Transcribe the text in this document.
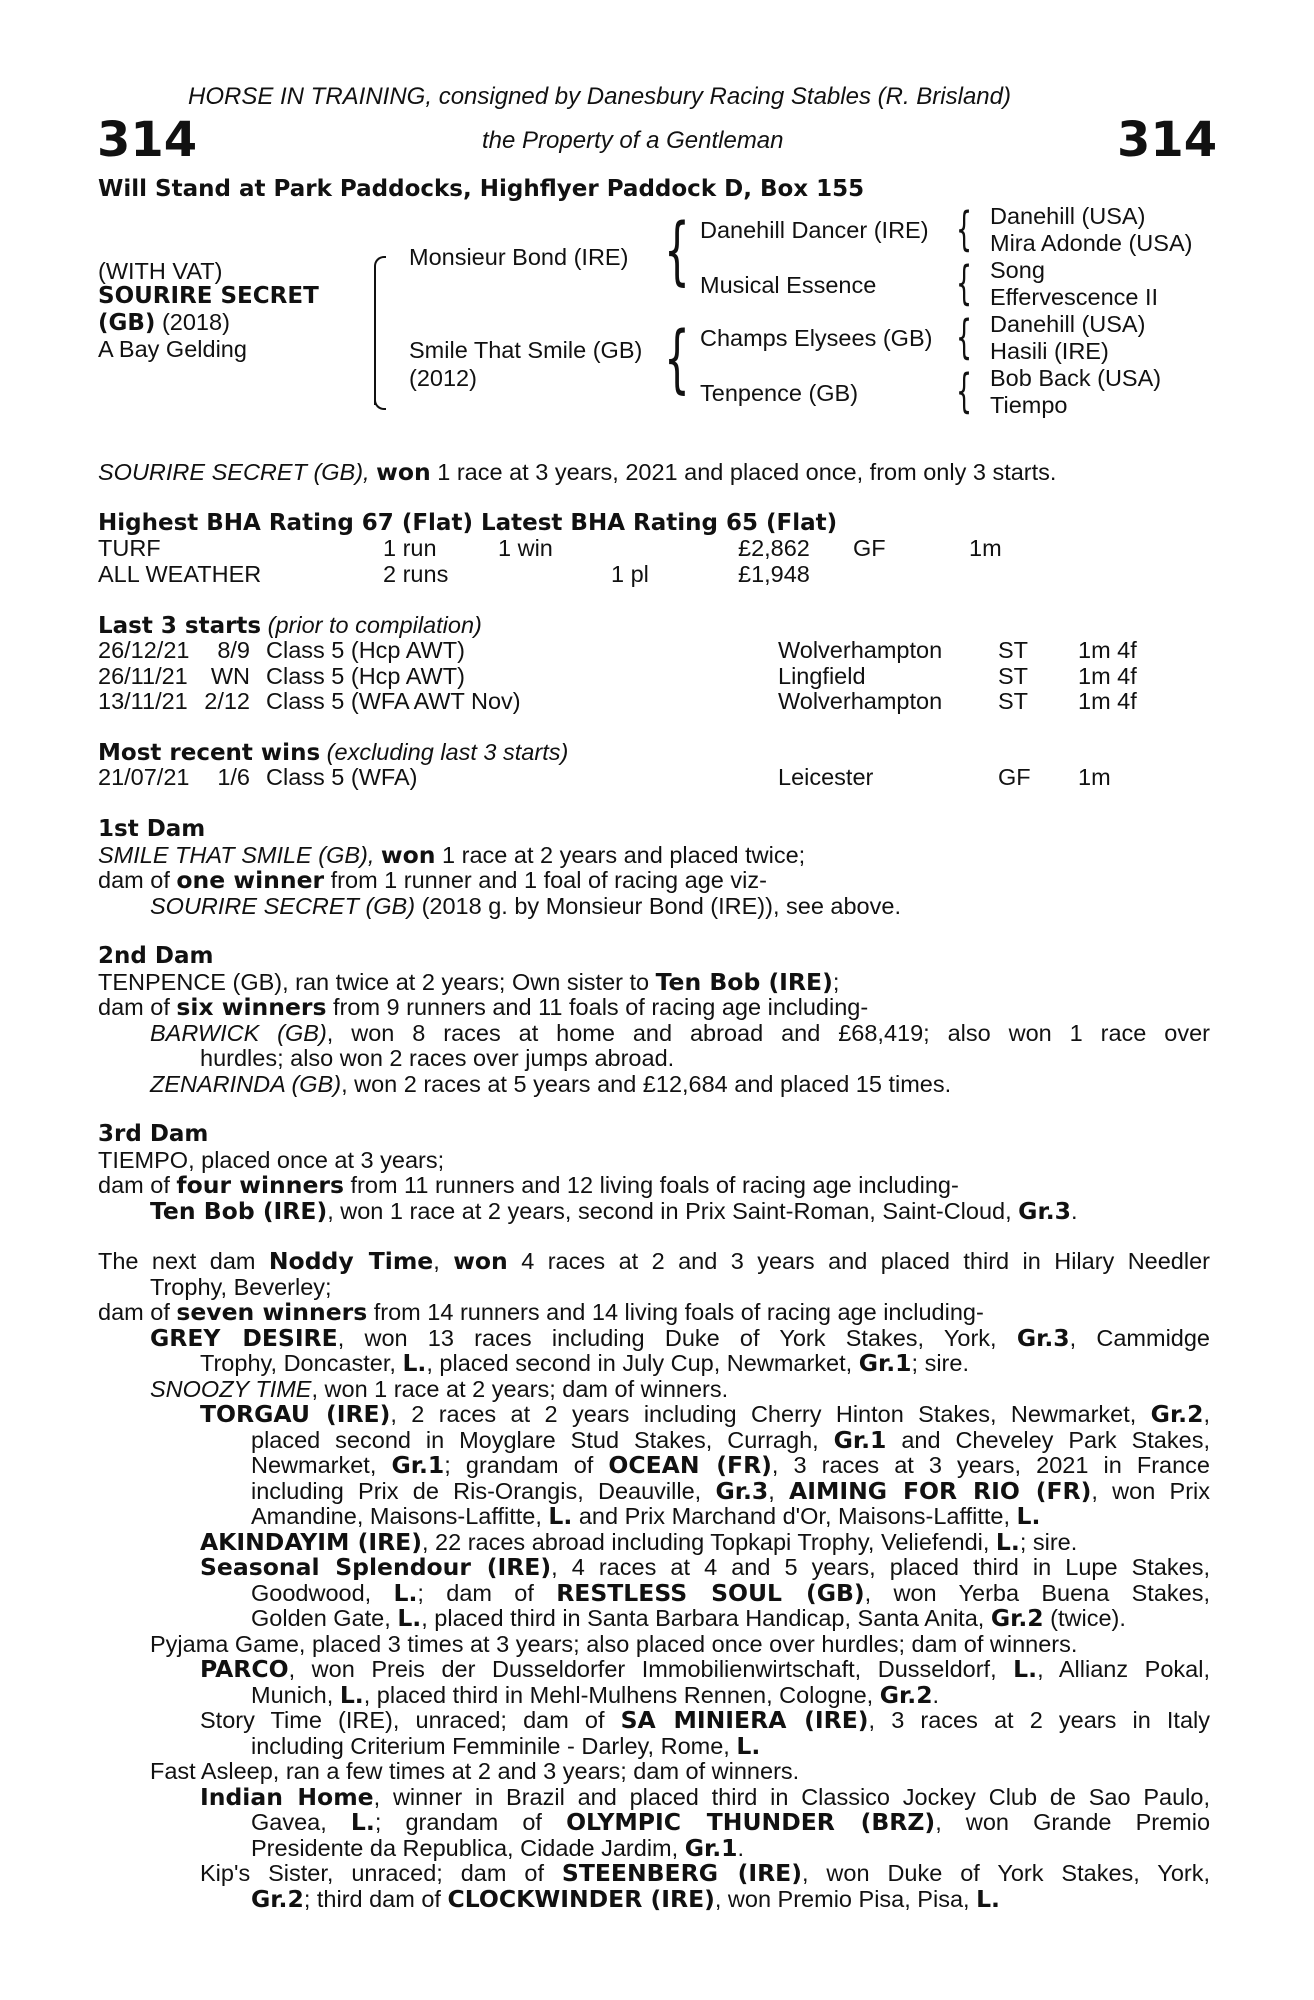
HORSE IN TRAINING, consigned by Danesbury Racing Stables (R. Brisland)
314	the Property of a Gentleman	314
Will Stand at Park Paddocks, Highflyer Paddock D, Box 155
(WITH VAT)
SOURIRE SECRET
(GB) (2018)
A Bay Gelding
Monsieur Bond (IRE)
Smile That Smile (GB)
(2012)
{ Danehill Dancer (IRE)
Musical Essence
{ Champs Elysees (GB)
Tenpence (GB)
{ Danehill (USA)
Mira Adonde (USA)
{ Song
Effervescence II
{ Danehill (USA)
Hasili (IRE)
{ Bob Back (USA)
Tiempo
SOURIRE SECRET (GB), won 1 race at 3 years, 2021 and placed once, from only 3 starts.
Highest BHA Rating 67 (Flat) Latest BHA Rating 65 (Flat)
TURF	1 run	1 win		£2,862	GF	1m
ALL WEATHER	2 runs		1 pl	£1,948		
Last 3 starts (prior to compilation)
26/12/21	8/9	Class 5 (Hcp AWT)	Wolverhampton	ST	1m 4f
26/11/21	WN	Class 5 (Hcp AWT)	Lingfield	ST	1m 4f
13/11/21	2/12	Class 5 (WFA AWT Nov)	Wolverhampton	ST	1m 4f
Most recent wins (excluding last 3 starts)
21/07/21	1/6	Class 5 (WFA)	Leicester	GF	1m
1st Dam
SMILE THAT SMILE (GB), won 1 race at 2 years and placed twice;
dam of one winner from 1 runner and 1 foal of racing age viz-
SOURIRE SECRET (GB) (2018 g. by Monsieur Bond (IRE)), see above.
2nd Dam
TENPENCE (GB), ran twice at 2 years; Own sister to Ten Bob (IRE);
dam of six winners from 9 runners and 11 foals of racing age including-
BARWICK (GB), won 8 races at home and abroad and £68,419; also won 1 race over
hurdles; also won 2 races over jumps abroad.
ZENARINDA (GB), won 2 races at 5 years and £12,684 and placed 15 times.
3rd Dam
TIEMPO, placed once at 3 years;
dam of four winners from 11 runners and 12 living foals of racing age including-
Ten Bob (IRE), won 1 race at 2 years, second in Prix Saint-Roman, Saint-Cloud, Gr.3.
The next dam Noddy Time, won 4 races at 2 and 3 years and placed third in Hilary Needler
Trophy, Beverley;
dam of seven winners from 14 runners and 14 living foals of racing age including-
GREY DESIRE, won 13 races including Duke of York Stakes, York, Gr.3, Cammidge
Trophy, Doncaster, L., placed second in July Cup, Newmarket, Gr.1; sire.
SNOOZY TIME, won 1 race at 2 years; dam of winners.
TORGAU (IRE), 2 races at 2 years including Cherry Hinton Stakes, Newmarket, Gr.2,
placed second in Moyglare Stud Stakes, Curragh, Gr.1 and Cheveley Park Stakes,
Newmarket, Gr.1; grandam of OCEAN (FR), 3 races at 3 years, 2021 in France
including Prix de Ris-Orangis, Deauville, Gr.3, AIMING FOR RIO (FR), won Prix
Amandine, Maisons-Laffitte, L. and Prix Marchand d'Or, Maisons-Laffitte, L.
AKINDAYIM (IRE), 22 races abroad including Topkapi Trophy, Veliefendi, L.; sire.
Seasonal Splendour (IRE), 4 races at 4 and 5 years, placed third in Lupe Stakes,
Goodwood, L.; dam of RESTLESS SOUL (GB), won Yerba Buena Stakes,
Golden Gate, L., placed third in Santa Barbara Handicap, Santa Anita, Gr.2 (twice).
Pyjama Game, placed 3 times at 3 years; also placed once over hurdles; dam of winners.
PARCO, won Preis der Dusseldorfer Immobilienwirtschaft, Dusseldorf, L., Allianz Pokal,
Munich, L., placed third in Mehl-Mulhens Rennen, Cologne, Gr.2.
Story Time (IRE), unraced; dam of SA MINIERA (IRE), 3 races at 2 years in Italy
including Criterium Femminile - Darley, Rome, L.
Fast Asleep, ran a few times at 2 and 3 years; dam of winners.
Indian Home, winner in Brazil and placed third in Classico Jockey Club de Sao Paulo,
Gavea, L.; grandam of OLYMPIC THUNDER (BRZ), won Grande Premio
Presidente da Republica, Cidade Jardim, Gr.1.
Kip's Sister, unraced; dam of STEENBERG (IRE), won Duke of York Stakes, York,
Gr.2; third dam of CLOCKWINDER (IRE), won Premio Pisa, Pisa, L.
